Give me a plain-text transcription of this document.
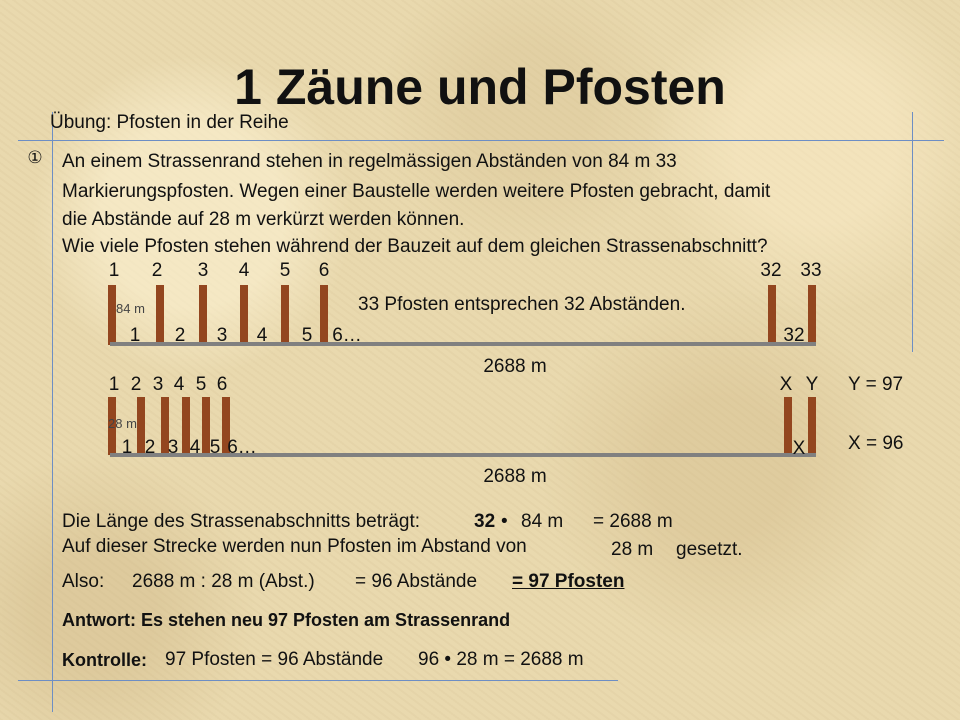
1 Zäune und Pfosten
Übung: Pfosten in der Reihe
① An einem Strassenrand stehen in regelmässigen Abständen von 84 m 33
Markierungspfosten. Wegen einer Baustelle werden weitere Pfosten gebracht, damit
die Abstände auf 28 m verkürzt werden können.
Wie viele Pfosten stehen während der Bauzeit auf dem gleichen Strassenabschnitt?
1 2 3 4 5 6	32 33
84 m	33 Pfosten entsprechen 32 Abständen.
1 2 3 4 5 6…	32
2688 m
1 2 3 4 5 6	X Y
28 m
1 2 3 4 5 6…	X
Y = 97
X = 96
2688 m
Die Länge des Strassenabschnitts beträgt:	32 • 84 m = 2688 m
Auf dieser Strecke werden nun Pfosten im Abstand von	28 m gesetzt.
Also: 2688 m : 28 m (Abst.) = 96 Abstände = 97 Pfosten
Antwort: Es stehen neu 97 Pfosten am Strassenrand
Kontrolle: 97 Pfosten = 96 Abstände 96 • 28 m = 2688 m
